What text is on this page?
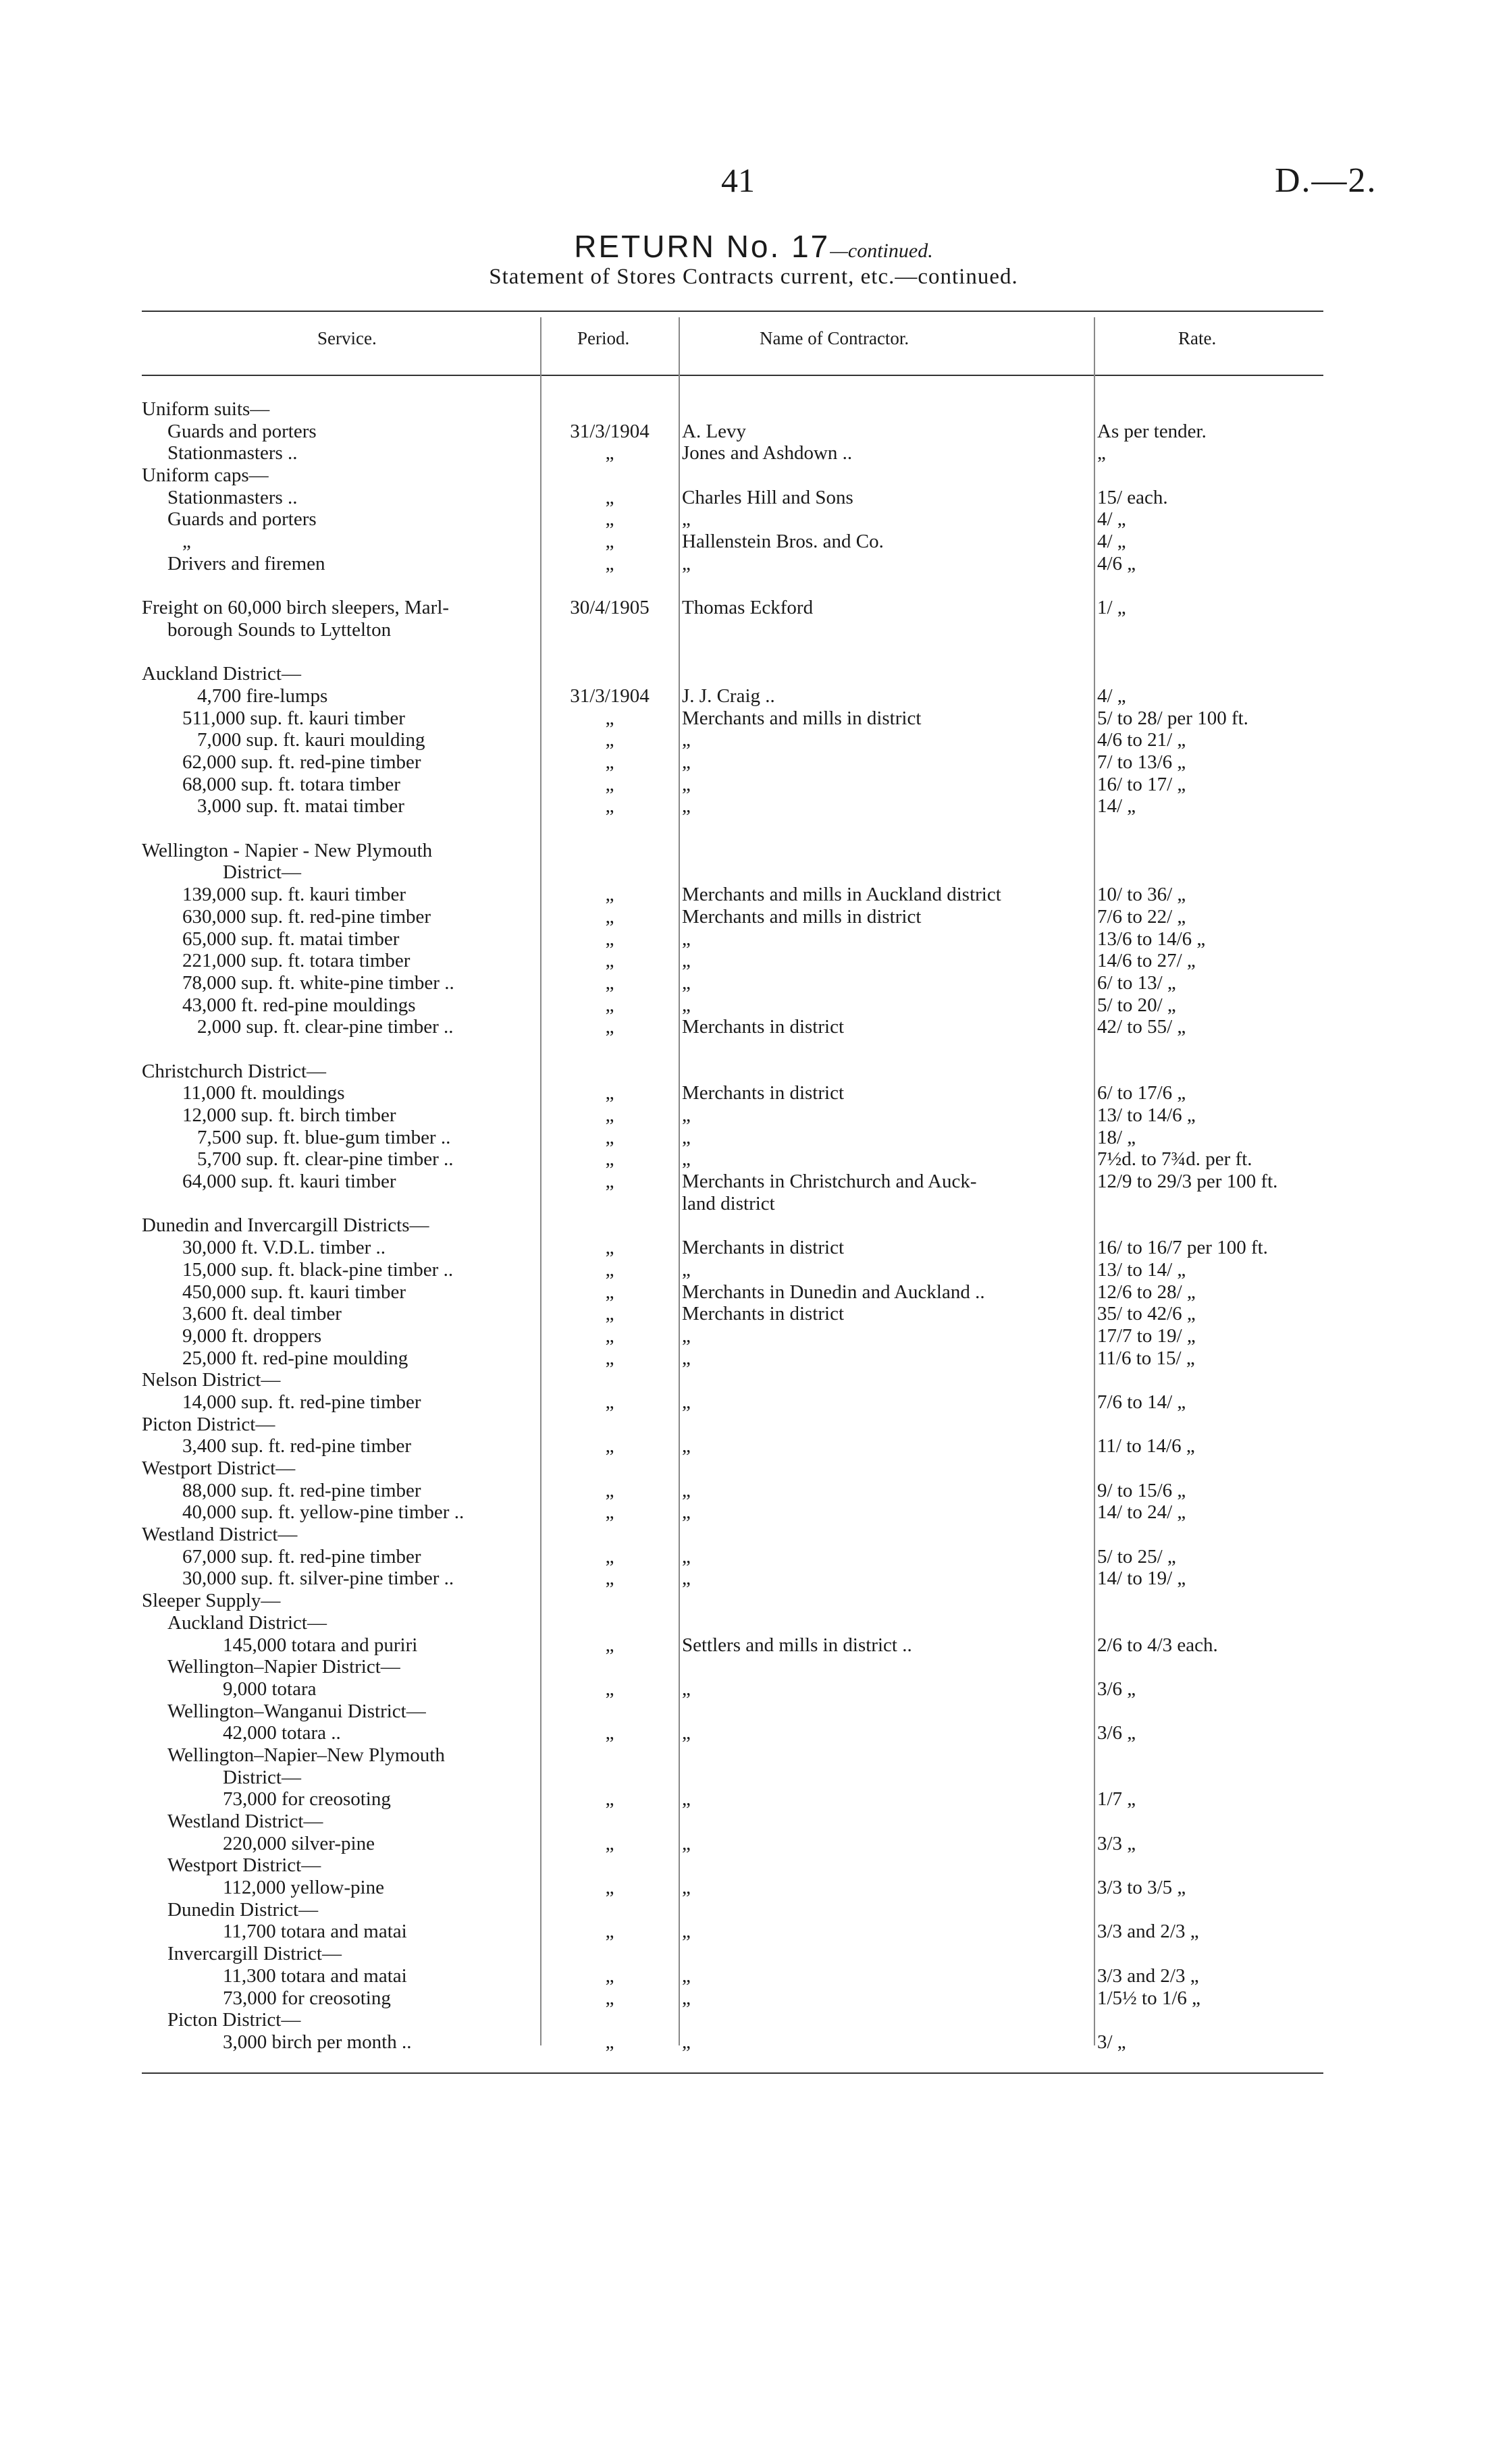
41	D.—2.
RETURN No. 17—continued.
Statement of Stores Contracts current, etc.—continued.
Service.	Period.	Name of Contractor.	Rate.
Uniform suits—
Guards and porters	31/3/1904	A. Levy	As per tender.
Stationmasters ..	„	Jones and Ashdown ..	„
Uniform caps—
Stationmasters ..	„	Charles Hill and Sons	15/ each.
Guards and porters	„	„	4/ „
„	„	Hallenstein Bros. and Co.	4/ „
Drivers and firemen	„	„	4/6 „
Freight on 60,000 birch sleepers, Marl-	30/4/1905	Thomas Eckford	1/ „
borough Sounds to Lyttelton
Auckland District—
4,700 fire-lumps	31/3/1904	J. J. Craig ..	4/ „
511,000 sup. ft. kauri timber	„	Merchants and mills in district	5/ to 28/ per 100 ft.
7,000 sup. ft. kauri moulding	„	„	4/6 to 21/ „
62,000 sup. ft. red-pine timber	„	„	7/ to 13/6 „
68,000 sup. ft. totara timber	„	„	16/ to 17/ „
3,000 sup. ft. matai timber	„	„	14/ „
Wellington - Napier - New Plymouth
District—
139,000 sup. ft. kauri timber	„	Merchants and mills in Auckland district	10/ to 36/ „
630,000 sup. ft. red-pine timber	„	Merchants and mills in district	7/6 to 22/ „
65,000 sup. ft. matai timber	„	„	13/6 to 14/6 „
221,000 sup. ft. totara timber	„	„	14/6 to 27/ „
78,000 sup. ft. white-pine timber ..	„	„	6/ to 13/ „
43,000 ft. red-pine mouldings	„	„	5/ to 20/ „
2,000 sup. ft. clear-pine timber ..	„	Merchants in district	42/ to 55/ „
Christchurch District—
11,000 ft. mouldings	„	Merchants in district	6/ to 17/6 „
12,000 sup. ft. birch timber	„	„	13/ to 14/6 „
7,500 sup. ft. blue-gum timber ..	„	„	18/ „
5,700 sup. ft. clear-pine timber ..	„	„	7½d. to 7¾d. per ft.
64,000 sup. ft. kauri timber	„	Merchants in Christchurch and Auck-	12/9 to 29/3 per 100 ft.
land district
Dunedin and Invercargill Districts—
30,000 ft. V.D.L. timber ..	„	Merchants in district	16/ to 16/7 per 100 ft.
15,000 sup. ft. black-pine timber ..	„	„	13/ to 14/ „
450,000 sup. ft. kauri timber	„	Merchants in Dunedin and Auckland ..	12/6 to 28/ „
3,600 ft. deal timber	„	Merchants in district	35/ to 42/6 „
9,000 ft. droppers	„	„	17/7 to 19/ „
25,000 ft. red-pine moulding	„	„	11/6 to 15/ „
Nelson District—
14,000 sup. ft. red-pine timber	„	„	7/6 to 14/ „
Picton District—
3,400 sup. ft. red-pine timber	„	„	11/ to 14/6 „
Westport District—
88,000 sup. ft. red-pine timber	„	„	9/ to 15/6 „
40,000 sup. ft. yellow-pine timber ..	„	„	14/ to 24/ „
Westland District—
67,000 sup. ft. red-pine timber	„	„	5/ to 25/ „
30,000 sup. ft. silver-pine timber ..	„	„	14/ to 19/ „
Sleeper Supply—
Auckland District—
145,000 totara and puriri	„	Settlers and mills in district ..	2/6 to 4/3 each.
Wellington–Napier District—
9,000 totara	„	„	3/6 „
Wellington–Wanganui District—
42,000 totara ..	„	„	3/6 „
Wellington–Napier–New Plymouth
District—
73,000 for creosoting	„	„	1/7 „
Westland District—
220,000 silver-pine	„	„	3/3 „
Westport District—
112,000 yellow-pine	„	„	3/3 to 3/5 „
Dunedin District—
11,700 totara and matai	„	„	3/3 and 2/3 „
Invercargill District—
11,300 totara and matai	„	„	3/3 and 2/3 „
73,000 for creosoting	„	„	1/5½ to 1/6 „
Picton District—
3,000 birch per month ..	„	„	3/ „
